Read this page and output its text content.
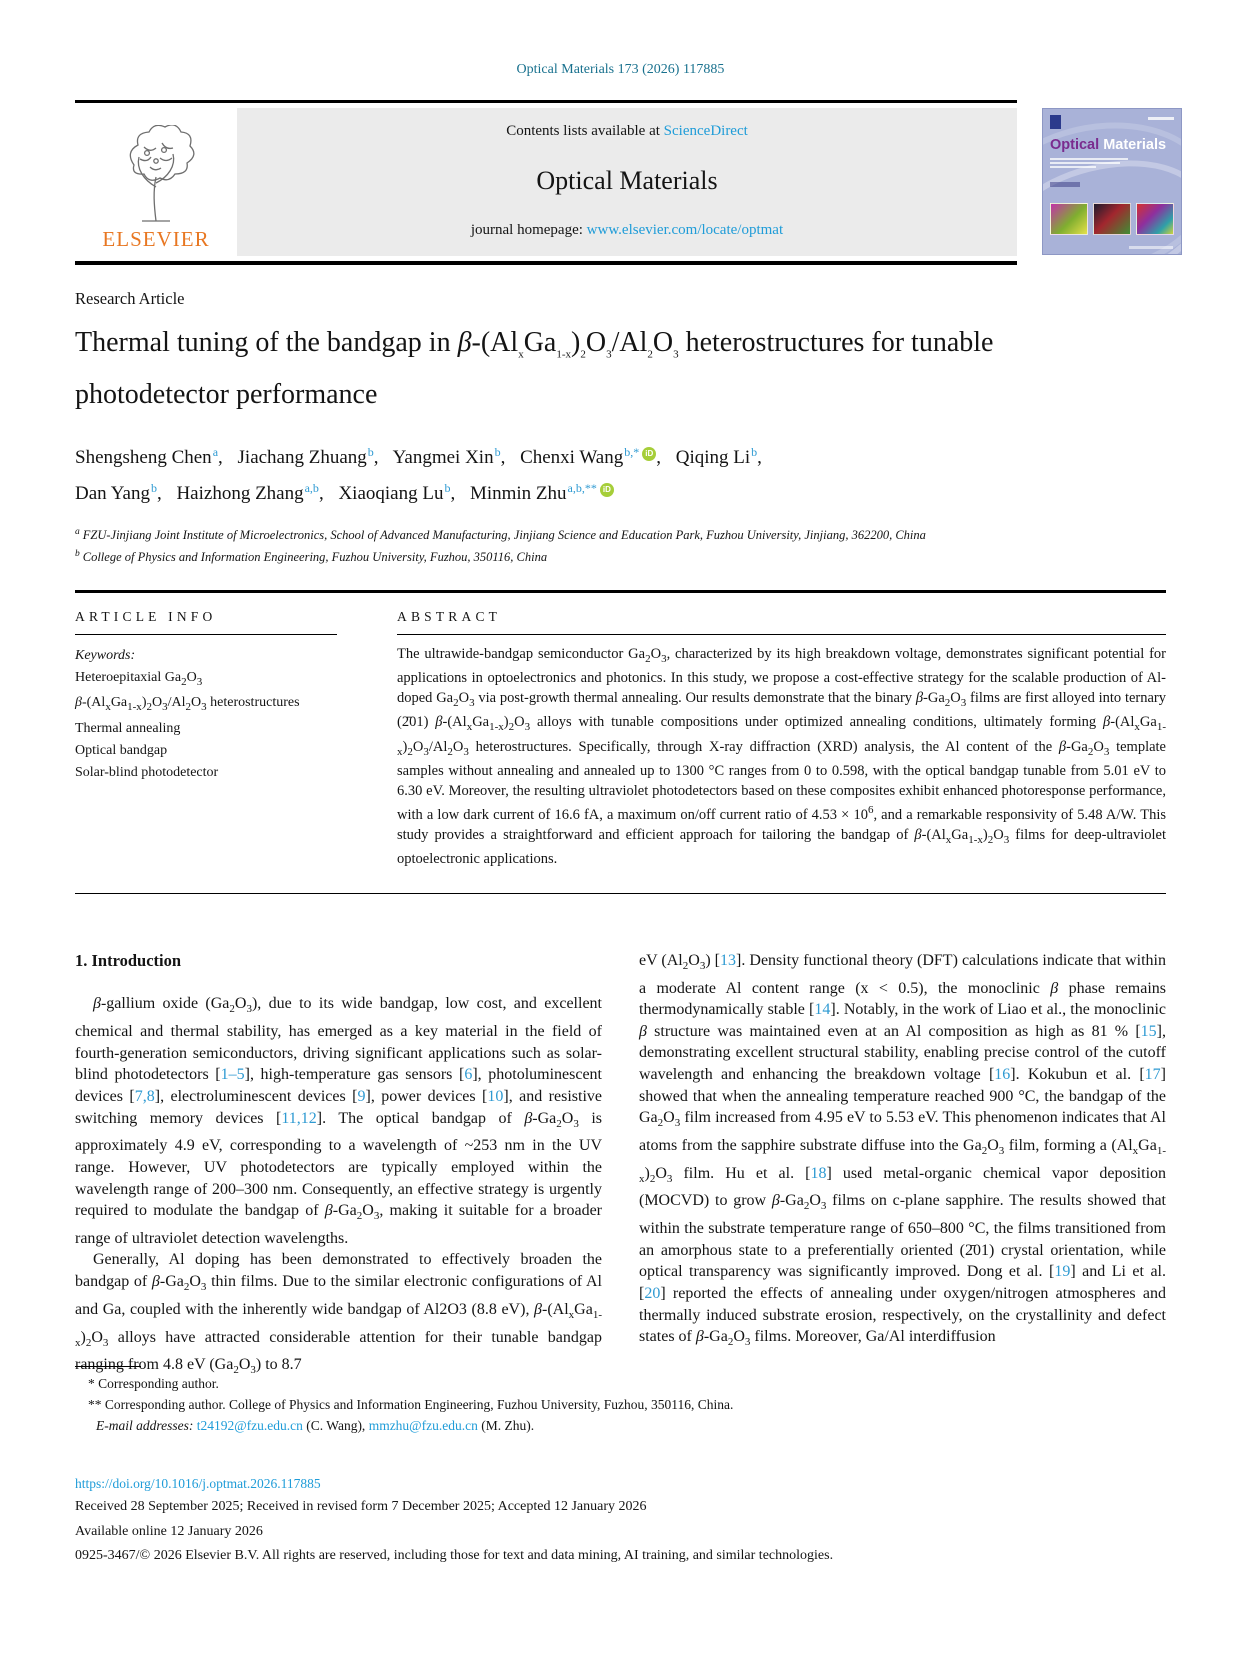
Optical Materials 173 (2026) 117885
ELSEVIER
Contents lists available at ScienceDirect
Optical Materials
journal homepage: www.elsevier.com/locate/optmat
Optical Materials
Research Article
Thermal tuning of the bandgap in $\beta-(Al_xGa_{1-x})_2O_3/Al_2O_3$ heterostructures for tunable photodetector performance
Shengsheng Chen$^a$, Jiachang Zhuang$^b$, Yangmei Xin$^b$, Chenxi Wang$^{b,*}$ iD , Qiqing Li$^b$,
Dan Yang$^b$, Haizhong Zhang$^{a,b}$, Xiaoqiang Lu$^b$, Minmin Zhu$^{a,b,**}$ iD
$^a$ FZU-Jinjiang Joint Institute of Microelectronics, School of Advanced Manufacturing, Jinjiang Science and Education Park, Fuzhou University, Jinjiang, 362200, China
$^b$ College of Physics and Information Engineering, Fuzhou University, Fuzhou, 350116, China
ARTICLE INFO
Keywords:
Heteroepitaxial $Ga_2O_3$
$\beta-(Al_xGa_{1-x})_2O_3/Al_2O_3$ heterostructures
Thermal annealing
Optical bandgap
Solar-blind photodetector
ABSTRACT

The ultrawide-bandgap semiconductor $Ga_2O_3$, characterized by its high breakdown voltage, demonstrates significant potential for applications in optoelectronics and photonics. In this study, we propose a cost-effective strategy for the scalable production of Al-doped $Ga_2O_3$ via post-growth thermal annealing. Our results demonstrate that the binary $\beta-Ga_2O_3$ films are first alloyed into ternary (2̄01) $\beta-(Al_xGa_{1-x})_2O_3$ alloys with tunable compositions under optimized annealing conditions, ultimately forming $\beta-(Al_xGa_{1-x})_2O_3/Al_2O_3$ heterostructures. Specifically, through X-ray diffraction (XRD) analysis, the Al content of the $\beta-Ga_2O_3$ template samples without annealing and annealed up to 1300 °C ranges from 0 to 0.598, with the optical bandgap tunable from 5.01 eV to 6.30 eV. Moreover, the resulting ultraviolet photodetectors based on these composites exhibit enhanced photoresponse performance, with a low dark current of 16.6 fA, a maximum on/off current ratio of $4.53 \times 10^6$, and a remarkable responsivity of 5.48 A/W. This study provides a straightforward and efficient approach for tailoring the bandgap of $\beta-(Al_xGa_{1-x})_2O_3$ films for deep-ultraviolet optoelectronic applications.

1. Introduction

β-gallium oxide $(Ga_2O_3)$, due to its wide bandgap, low cost, and excellent chemical and thermal stability, has emerged as a key material in the field of fourth-generation semiconductors, driving significant applications such as solar-blind photodetectors [1–5], high-temperature gas sensors [6], photoluminescent devices [7,8], electroluminescent devices [9], power devices [10], and resistive switching memory devices [11,12]. The optical bandgap of $\beta-Ga_2O_3$ is approximately 4.9 eV, corresponding to a wavelength of ~253 nm in the UV range. However, UV photodetectors are typically employed within the wavelength range of 200–300 nm. Consequently, an effective strategy is urgently required to modulate the bandgap of $\beta-Ga_2O_3$, making it suitable for a broader range of ultraviolet detection wavelengths.

Generally, Al doping has been demonstrated to effectively broaden the bandgap of $\beta-Ga_2O_3$ thin films. Due to the similar electronic configurations of Al and Ga, coupled with the inherently wide bandgap of Al2O3 (8.8 eV), $\beta-(Al_xGa_{1-x})_2O_3$ alloys have attracted considerable attention for their tunable bandgap ranging from 4.8 eV $(Ga_2O_3)$ to 8.7

eV $(Al_2O_3)$ [13]. Density functional theory (DFT) calculations indicate that within a moderate Al content range (x < 0.5), the monoclinic β phase remains thermodynamically stable [14]. Notably, in the work of Liao et al., the monoclinic β structure was maintained even at an Al composition as high as 81 % [15], demonstrating excellent structural stability, enabling precise control of the cutoff wavelength and enhancing the breakdown voltage [16]. Kokubun et al. [17] showed that when the annealing temperature reached 900 °C, the bandgap of the $Ga_2O_3$ film increased from 4.95 eV to 5.53 eV. This phenomenon indicates that Al atoms from the sapphire substrate diffuse into the $Ga_2O_3$ film, forming a $(Al_xGa_{1-x})_2O_3$ film. Hu et al. [18] used metal-organic chemical vapor deposition (MOCVD) to grow $\beta-Ga_2O_3$ films on c-plane sapphire. The results showed that within the substrate temperature range of 650–800 °C, the films transitioned from an amorphous state to a preferentially oriented (2̄01) crystal orientation, while optical transparency was significantly improved. Dong et al. [19] and Li et al. [20] reported the effects of annealing under oxygen/nitrogen atmospheres and thermally induced substrate erosion, respectively, on the crystallinity and defect states of $\beta-Ga_2O_3$ films. Moreover, Ga/Al interdiffusion

* Corresponding author.
** Corresponding author. College of Physics and Information Engineering, Fuzhou University, Fuzhou, 350116, China.
E-mail addresses: t24192@fzu.edu.cn (C. Wang), mmzhu@fzu.edu.cn (M. Zhu).
https://doi.org/10.1016/j.optmat.2026.117885
Received 28 September 2025; Received in revised form 7 December 2025; Accepted 12 January 2026
Available online 12 January 2026
0925-3467/© 2026 Elsevier B.V. All rights are reserved, including those for text and data mining, AI training, and similar technologies.
